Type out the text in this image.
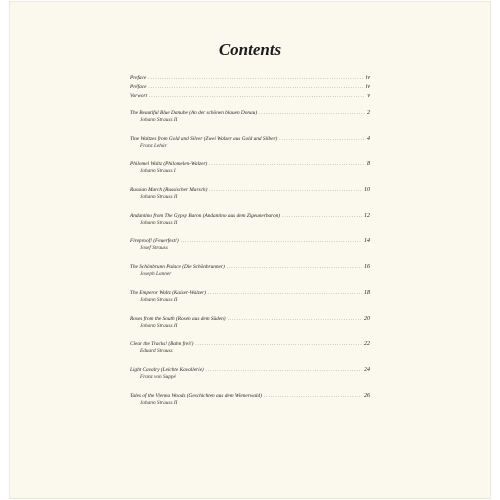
Contents
Preface .....	iv
Préface .....	iv
Vorwort .....	v
The Beautiful Blue Danube (An der schönen blauen Donau) .....	2
Johann Strauss II
Tine Waltzes from Gold and Silver (Zwei Walzer aus Gold und Silber) .....	4
Franz Lehár
Philomel Waltz (Philomelen-Walzer) .....	8
Johann Strauss I
Russian March (Russischer Marsch) .....	10
Johann Strauss II
Andantino from The Gypsy Baron (Andantino aus dem Zigeunerbaron) .....	12
Johann Strauss II
Fireproof! (Feuerfest!) .....	14
Josef Strauss
The Schönbrunn Palace (Die Schönbrunner) .....	16
Joseph Lanner
The Emperor Waltz (Kaiser-Walzer) .....	18
Johann Strauss II
Roses from the South (Rosen aus dem Süden) .....	20
Johann Strauss II
Clear the Tracks! (Bahn frei!) .....	22
Eduard Strauss
Light Cavalry (Leichte Kavallerie) .....	24
Franz von Suppé
Tales of the Vienna Woods (Geschichten aus dem Wienerwald) .....	26
Johann Strauss II
